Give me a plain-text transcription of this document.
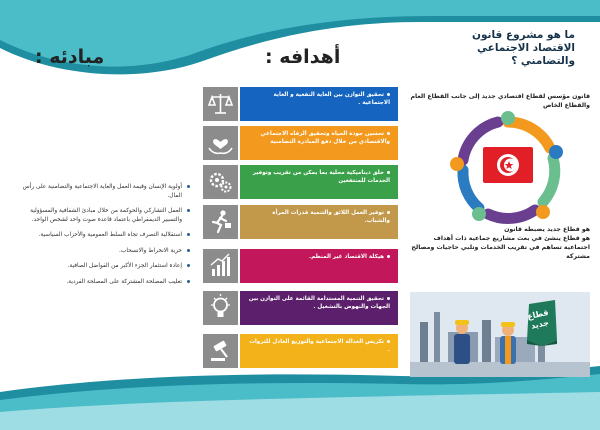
مبادئه :	أهدافه :
ما هو مشروع قانون الاقتصاد الاجتماعي والتضامني ؟
قانون مؤسس لقطاع اقتصادي جديد إلى جانب القطاع العام والقطاع الخاص

هو قطاع جديد يضبطه قانون

هو قطاع ينشئ في بعث مشاريع جماعية ذات أهداف اجتماعية تساهم في تقريب الخدمات وتلبي حاجيات ومصالح مشتركة

قطاع جديد
تحقيق التوازن بين الغاية النفعية و الغاية الاجتماعية .
تحسين جودة الحياة وتحقيق الرفاه الاجتماعي والاقتصادي من خلال دفع المبادرة التضامنية
خلق ديناميكية محلية بما يمكن من تقريب وتوفير الخدمات للمنتفعين
توفير العمل اللائق والتنمية قدرات المرأة والشباب.
هيكلة الاقتصاد غير المنظم.
تحقيق التنمية المستدامة القائمة على التوازن بين الجهات والنهوض بالتشغيل .
تكريس العدالة الاجتماعية والتوزيع العادل للثروات .
أولوية الإنسان وقيمة العمل والغاية الاجتماعية والتضامنية على رأس المال.
العمل التشاركي والحوكمة من خلال مبادئ الشفافية والمسؤولية والتسيير الديمقراطي باعتماد قاعدة صوت واحد لشخص الواحد.
استقلالية التصرف تجاه السلط العمومية والأحزاب السياسية.
حرية الانخراط والانسحاب.
إعادة استثمار الجزء الأكبر من الفواضل الصافية.
تغليب المصلحة المشتركة على المصلحة الفردية.
